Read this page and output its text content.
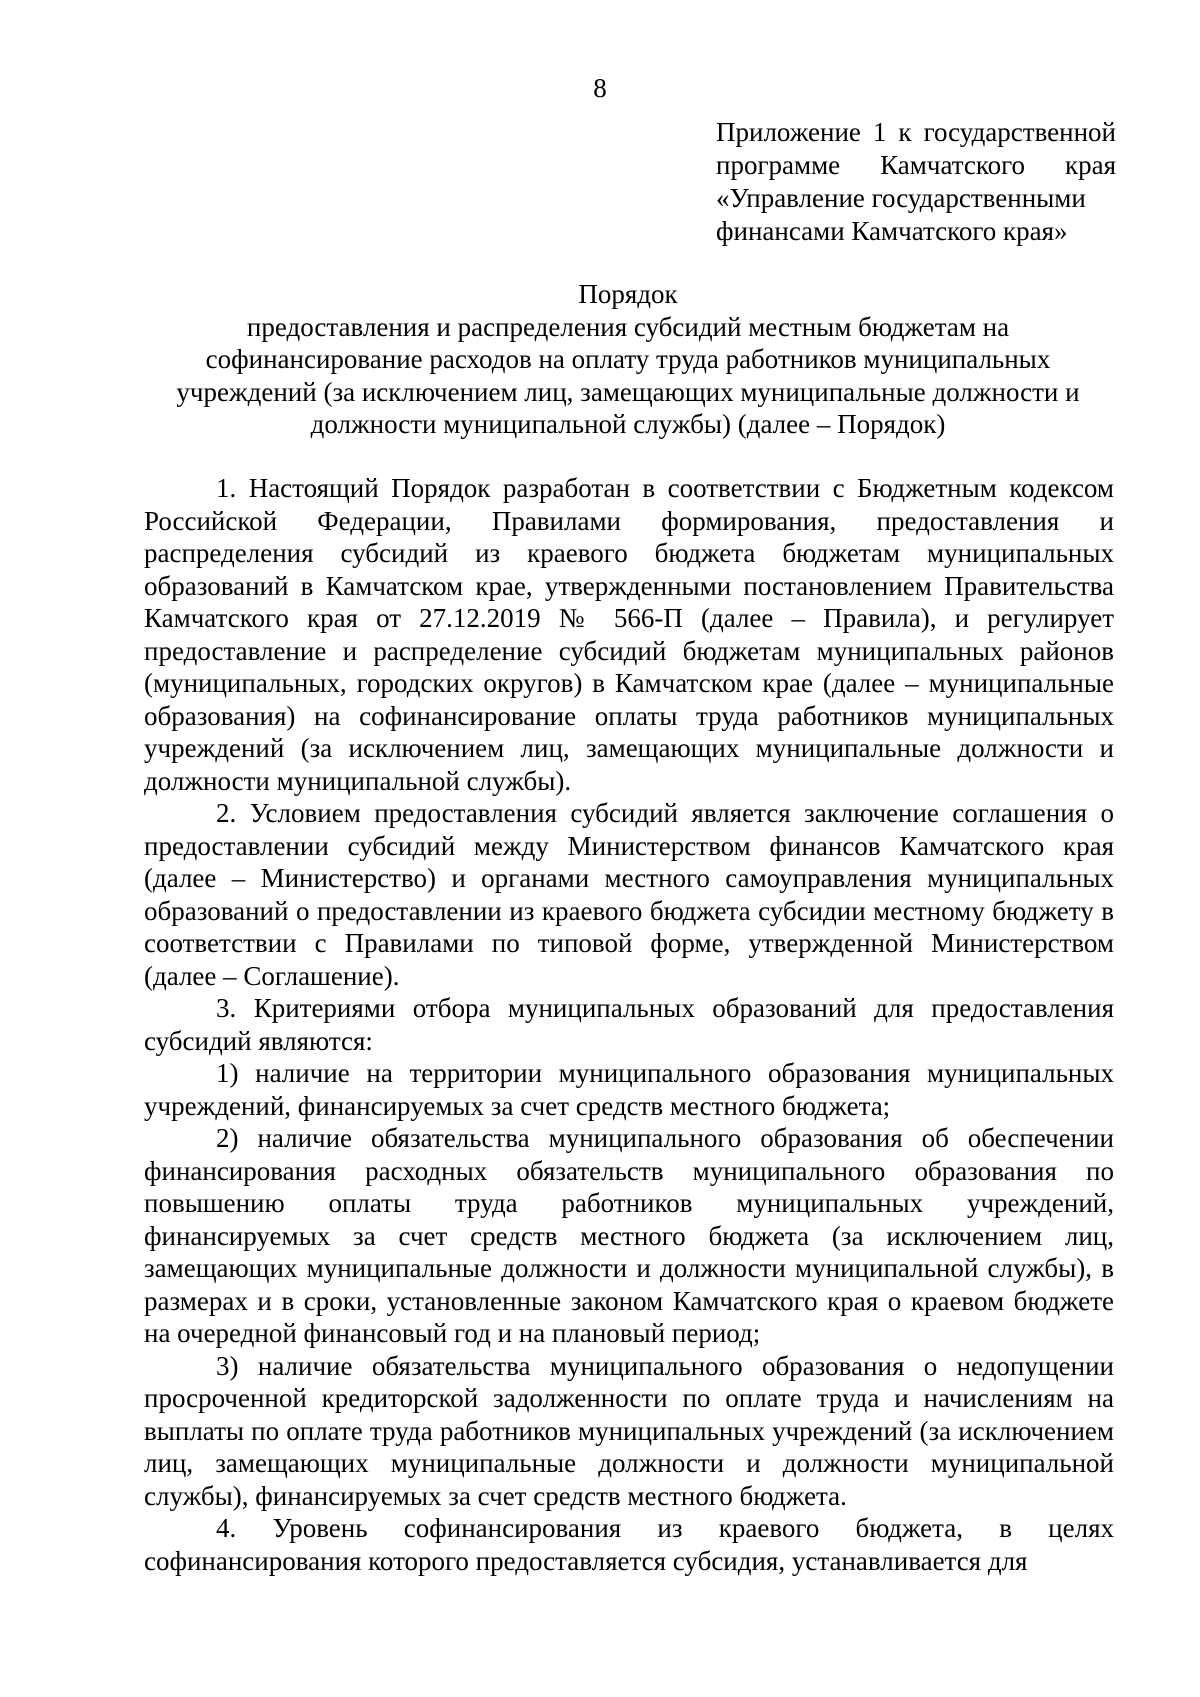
8
Приложение 1 к государственной
программе Камчатского края
«Управление государственными
финансами Камчатского края»
Порядок
предоставления и распределения субсидий местным бюджетам на
софинансирование расходов на оплату труда работников муниципальных
учреждений (за исключением лиц, замещающих муниципальные должности и
должности муниципальной службы) (далее – Порядок)

1. Настоящий Порядок разработан в соответствии с Бюджетным кодексом Российской Федерации, Правилами формирования, предоставления и распределения субсидий из краевого бюджета бюджетам муниципальных образований в Камчатском крае, утвержденными постановлением Правительства Камчатского края от 27.12.2019 № 566-П (далее – Правила), и регулирует предоставление и распределение субсидий бюджетам муниципальных районов (муниципальных, городских округов) в Камчатском крае (далее – муниципальные образования) на софинансирование оплаты труда работников муниципальных учреждений (за исключением лиц, замещающих муниципальные должности и должности муниципальной службы).

2. Условием предоставления субсидий является заключение соглашения о предоставлении субсидий между Министерством финансов Камчатского края (далее – Министерство) и органами местного самоуправления муниципальных образований о предоставлении из краевого бюджета субсидии местному бюджету в соответствии с Правилами по типовой форме, утвержденной Министерством (далее – Соглашение).

3. Критериями отбора муниципальных образований для предоставления субсидий являются:

1) наличие на территории муниципального образования муниципальных учреждений, финансируемых за счет средств местного бюджета;

2) наличие обязательства муниципального образования об обеспечении финансирования расходных обязательств муниципального образования по повышению оплаты труда работников муниципальных учреждений, финансируемых за счет средств местного бюджета (за исключением лиц, замещающих муниципальные должности и должности муниципальной службы), в размерах и в сроки, установленные законом Камчатского края о краевом бюджете на очередной финансовый год и на плановый период;

3) наличие обязательства муниципального образования о недопущении просроченной кредиторской задолженности по оплате труда и начислениям на выплаты по оплате труда работников муниципальных учреждений (за исключением лиц, замещающих муниципальные должности и должности муниципальной службы), финансируемых за счет средств местного бюджета.

4. Уровень софинансирования из краевого бюджета, в целях софинансирования которого предоставляется субсидия, устанавливается для
